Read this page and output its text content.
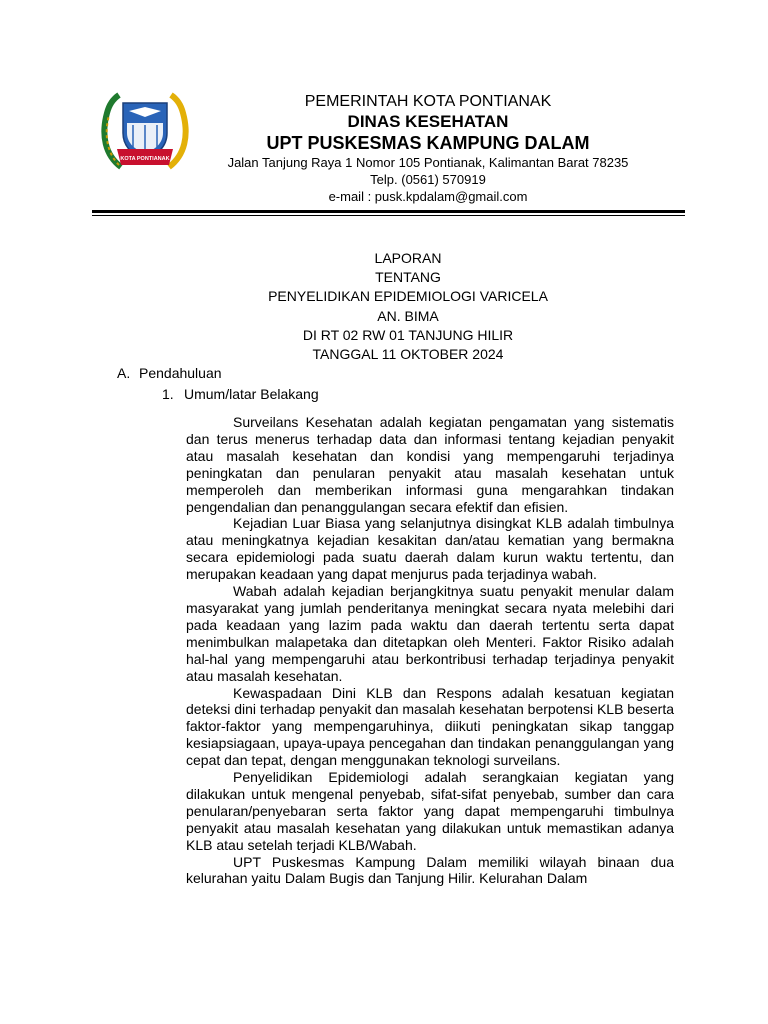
KOTA PONTIANAK
PEMERINTAH KOTA PONTIANAK
DINAS KESEHATAN
UPT PUSKESMAS KAMPUNG DALAM
Jalan Tanjung Raya 1 Nomor 105 Pontianak, Kalimantan Barat 78235
Telp. (0561) 570919
e-mail : pusk.kpdalam@gmail.com
LAPORAN
TENTANG
PENYELIDIKAN EPIDEMIOLOGI VARICELA
AN. BIMA
DI RT 02 RW 01 TANJUNG HILIR
TANGGAL 11 OKTOBER 2024
A. Pendahuluan
1. Umum/latar Belakang

Surveilans Kesehatan adalah kegiatan pengamatan yang sistematis dan terus menerus terhadap data dan informasi tentang kejadian penyakit atau masalah kesehatan dan kondisi yang mempengaruhi terjadinya peningkatan dan penularan penyakit atau masalah kesehatan untuk memperoleh dan memberikan informasi guna mengarahkan tindakan pengendalian dan penanggulangan secara efektif dan efisien.

Kejadian Luar Biasa yang selanjutnya disingkat KLB adalah timbulnya atau meningkatnya kejadian kesakitan dan/atau kematian yang bermakna secara epidemiologi pada suatu daerah dalam kurun waktu tertentu, dan merupakan keadaan yang dapat menjurus pada terjadinya wabah.

Wabah adalah kejadian berjangkitnya suatu penyakit menular dalam masyarakat yang jumlah penderitanya meningkat secara nyata melebihi dari pada keadaan yang lazim pada waktu dan daerah tertentu serta dapat menimbulkan malapetaka dan ditetapkan oleh Menteri. Faktor Risiko adalah hal-hal yang mempengaruhi atau berkontribusi terhadap terjadinya penyakit atau masalah kesehatan.

Kewaspadaan Dini KLB dan Respons adalah kesatuan kegiatan deteksi dini terhadap penyakit dan masalah kesehatan berpotensi KLB beserta faktor-faktor yang mempengaruhinya, diikuti peningkatan sikap tanggap kesiapsiagaan, upaya-upaya pencegahan dan tindakan penanggulangan yang cepat dan tepat, dengan menggunakan teknologi surveilans.

Penyelidikan Epidemiologi adalah serangkaian kegiatan yang dilakukan untuk mengenal penyebab, sifat-sifat penyebab, sumber dan cara penularan/penyebaran serta faktor yang dapat mempengaruhi timbulnya penyakit atau masalah kesehatan yang dilakukan untuk memastikan adanya KLB atau setelah terjadi KLB/Wabah.

UPT Puskesmas Kampung Dalam memiliki wilayah binaan dua kelurahan yaitu Dalam Bugis dan Tanjung Hilir. Kelurahan Dalam
